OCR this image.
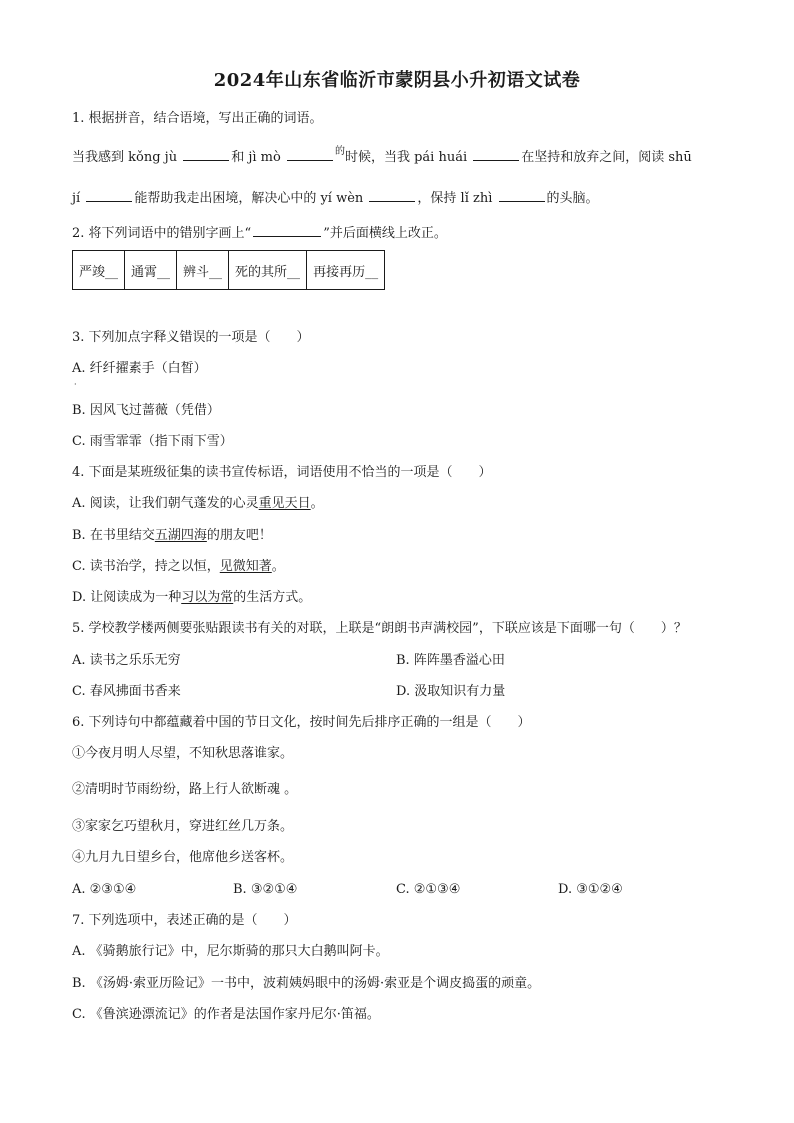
2024年山东省临沂市蒙阴县小升初语文试卷
1. 根据拼音，结合语境，写出正确的词语。
当我感到 kǒng jù	和 jì mò	$^的$时候，当我 pái huái	在坚持和放弃之间，阅读 shū
jí	能帮助我走出困境，解决心中的 yí wèn	，保持 lǐ zhì	的头脑。
2. 将下列词语中的错别字画上“	”并后面横线上改正。
严竣__	通霄__	辨斗__	死的其所__	再接再历__
3. 下列加点字释义错误的一项是（　　）
A. 纤纤擢素手（白皙）
·
B. 因风飞过蔷薇（凭借）
C. 雨雪霏霏（指下雨下雪）
4. 下面是某班级征集的读书宣传标语，词语使用不恰当的一项是（　　）
A. 阅读，让我们朝气蓬发的心灵重见天日。
B. 在书里结交五湖四海的朋友吧！
C. 读书治学，持之以恒，见微知著。
D. 让阅读成为一种习以为常的生活方式。
5. 学校教学楼两侧要张贴跟读书有关的对联，上联是“朗朗书声满校园”，下联应该是下面哪一句（　　）？
A. 读书之乐乐无穷	B. 阵阵墨香溢心田
C. 春风拂面书香来	D. 汲取知识有力量
6. 下列诗句中都蕴藏着中国的节日文化，按时间先后排序正确的一组是（　　）
①今夜月明人尽望，不知秋思落谁家。
②清明时节雨纷纷，路上行人欲断魂 。
③家家乞巧望秋月，穿进红丝几万条。
④九月九日望乡台，他席他乡送客杯。
A. ②③①④	B. ③②①④	C. ②①③④	D. ③①②④
7. 下列选项中，表述正确的是（　　）
A. 《骑鹅旅行记》中，尼尔斯骑的那只大白鹅叫阿卡。
B. 《汤姆·索亚历险记》一书中，波莉姨妈眼中的汤姆·索亚是个调皮捣蛋的顽童。
C. 《鲁滨逊漂流记》的作者是法国作家丹尼尔·笛福。
